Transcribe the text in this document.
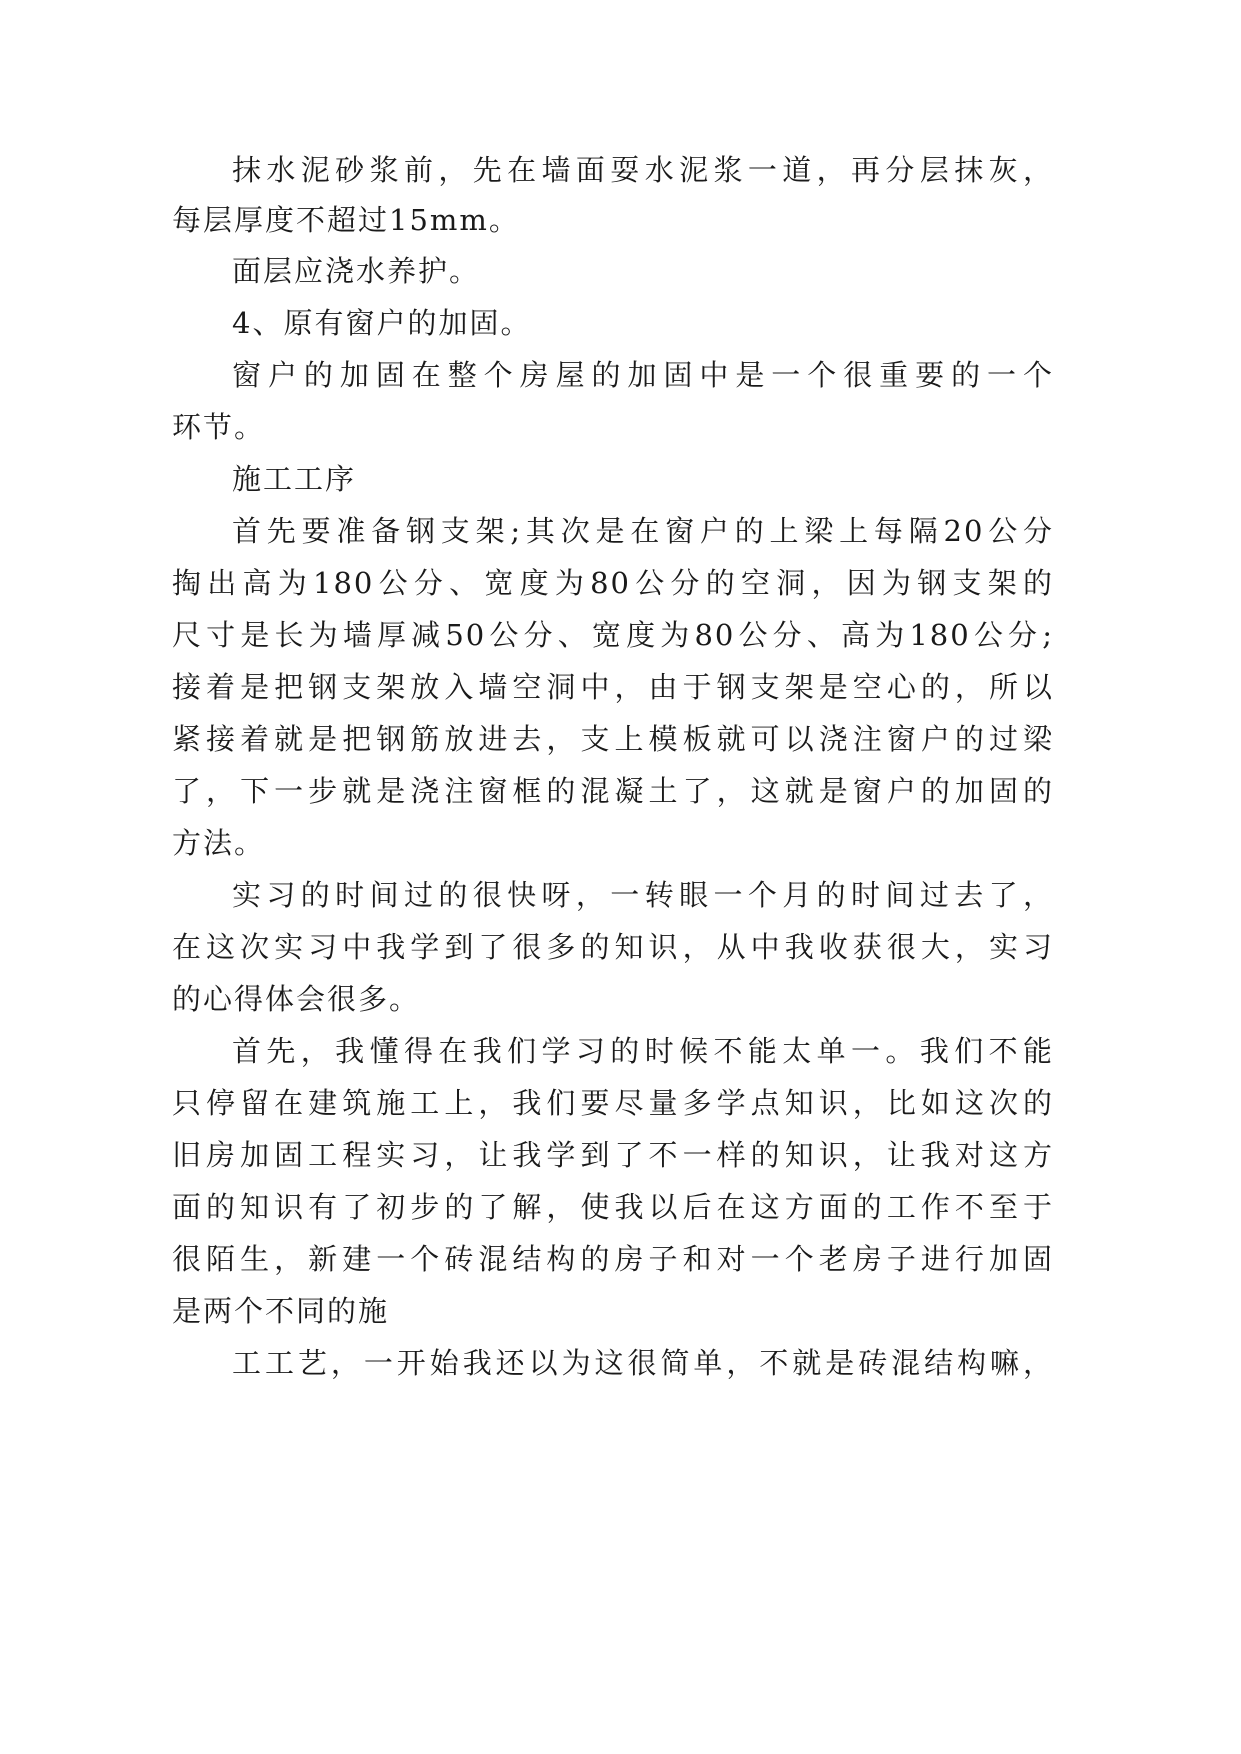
抹水泥砂浆前，先在墙面耍水泥浆一道，再分层抹灰，
每层厚度不超过15mm。
面层应浇水养护。
4、原有窗户的加固。
窗户的加固在整个房屋的加固中是一个很重要的一个
环节。
施工工序
首先要准备钢支架;其次是在窗户的上梁上每隔20公分
掏出高为180公分、宽度为80公分的空洞，因为钢支架的
尺寸是长为墙厚减50公分、宽度为80公分、高为180公分;
接着是把钢支架放入墙空洞中，由于钢支架是空心的，所以
紧接着就是把钢筋放进去，支上模板就可以浇注窗户的过梁
了，下一步就是浇注窗框的混凝土了，这就是窗户的加固的
方法。
实习的时间过的很快呀，一转眼一个月的时间过去了，
在这次实习中我学到了很多的知识，从中我收获很大，实习
的心得体会很多。
首先，我懂得在我们学习的时候不能太单一。我们不能
只停留在建筑施工上，我们要尽量多学点知识，比如这次的
旧房加固工程实习，让我学到了不一样的知识，让我对这方
面的知识有了初步的了解，使我以后在这方面的工作不至于
很陌生，新建一个砖混结构的房子和对一个老房子进行加固
是两个不同的施
工工艺，一开始我还以为这很简单，不就是砖混结构嘛，
